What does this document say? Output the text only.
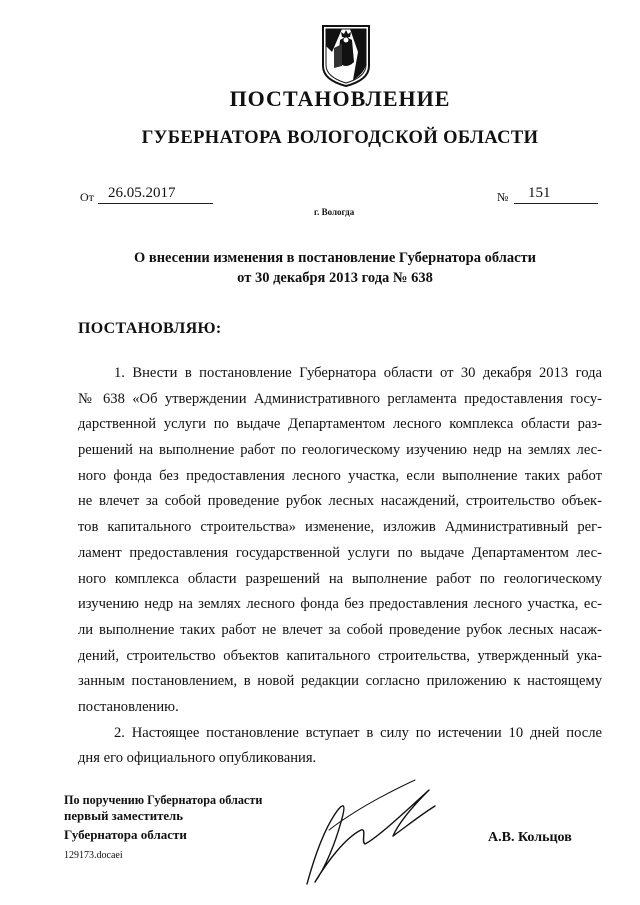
ПОСТАНОВЛЕНИЕ
ГУБЕРНАТОРА ВОЛОГОДСКОЙ ОБЛАСТИ
От 26.05.2017	№	151
г. Вологда
О внесении изменения в постановление Губернатора области
от 30 декабря 2013 года № 638
ПОСТАНОВЛЯЮ:
1. Внести в постановление Губернатора области от 30 декабря 2013 года
№ 638 «Об утверждении Административного регламента предоставления госу-
дарственной услуги по выдаче Департаментом лесного комплекса области раз-
решений на выполнение работ по геологическому изучению недр на землях лес-
ного фонда без предоставления лесного участка, если выполнение таких работ
не влечет за собой проведение рубок лесных насаждений, строительство объек-
тов капитального строительства» изменение, изложив Административный рег-
ламент предоставления государственной услуги по выдаче Департаментом лес-
ного комплекса области разрешений на выполнение работ по геологическому
изучению недр на землях лесного фонда без предоставления лесного участка, ес-
ли выполнение таких работ не влечет за собой проведение рубок лесных насаж-
дений, строительство объектов капитального строительства, утвержденный ука-
занным постановлением, в новой редакции согласно приложению к настоящему
постановлению.
2. Настоящее постановление вступает в силу по истечении 10 дней после
дня его официального опубликования.
По поручению Губернатора области
первый заместитель
Губернатора области
129173.docaei
А.В. Кольцов
